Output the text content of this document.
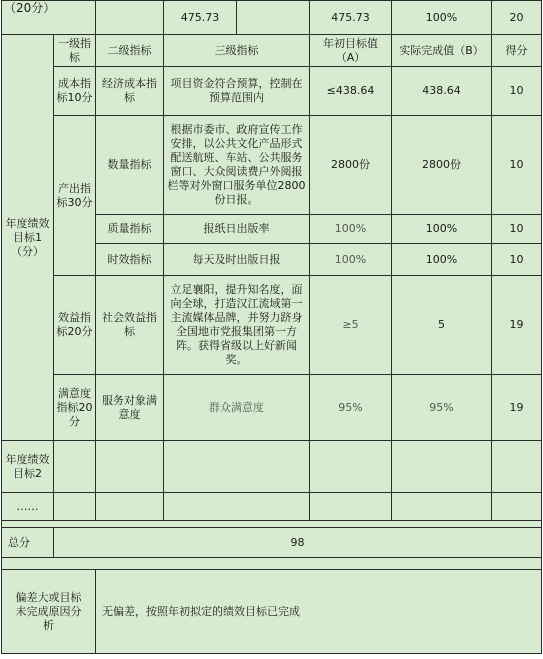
（20分）			475.73	475.73	100%	20
年度绩效目标1（分）	一级指标	二级指标	三级指标	年初目标值（A）	实际完成值（B）	得分
	成本指标10分	经济成本指标	项目资金符合预算，控制在预算范围内	≤438.64	438.64	10
	产出指标30分	数量指标	根据市委市、政府宣传工作安排，以公共文化产品形式配送航班、车站、公共服务窗口、大众阅读费户外阅报栏等对外窗口服务单位2800份日报。	2800份	2800份	10
		质量指标	报纸日出版率	100%	100%	10
		时效指标	每天及时出版日报	100%	100%	10
	效益指标20分	社会效益指标	立足襄阳，提升知名度，面向全球，打造汉江流域第一主流媒体品牌，并努力跻身全国地市党报集团第一方阵。获得省级以上好新闻奖。	≥5	5	19
	满意度指标20分	服务对象满意度	群众满意度	95%	95%	19
年度绩效目标2						
……						

总分	98					

偏差大或目标未完成原因分析		无偏差，按照年初拟定的绩效目标已完成				
